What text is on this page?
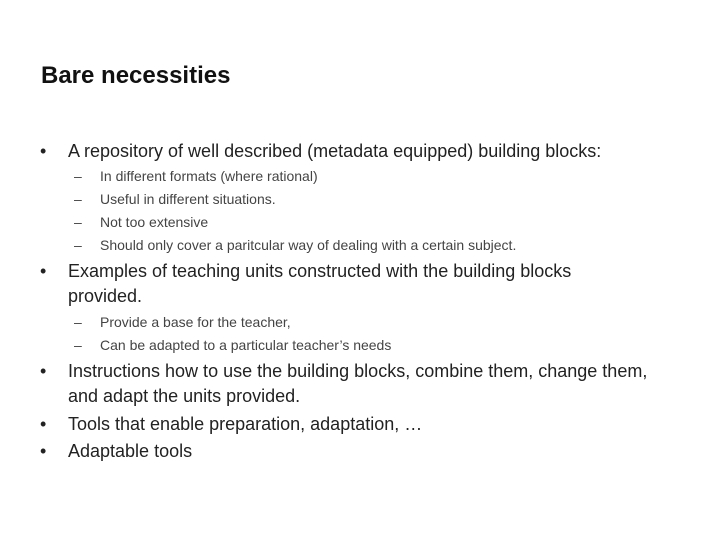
Bare necessities
•	A repository of well described (metadata equipped) building blocks:
–	In different formats (where rational)
–	Useful in different situations.
–	Not too extensive
–	Should only cover a paritcular way of dealing with a certain subject.
•	Examples of teaching units constructed with the building blocks provided.
–	Provide a base for the teacher,
–	Can be adapted to a particular teacher’s needs
•	Instructions how to use the building blocks, combine them, change them, and adapt the units provided.
•	Tools that enable preparation, adaptation, …
•	Adaptable tools
